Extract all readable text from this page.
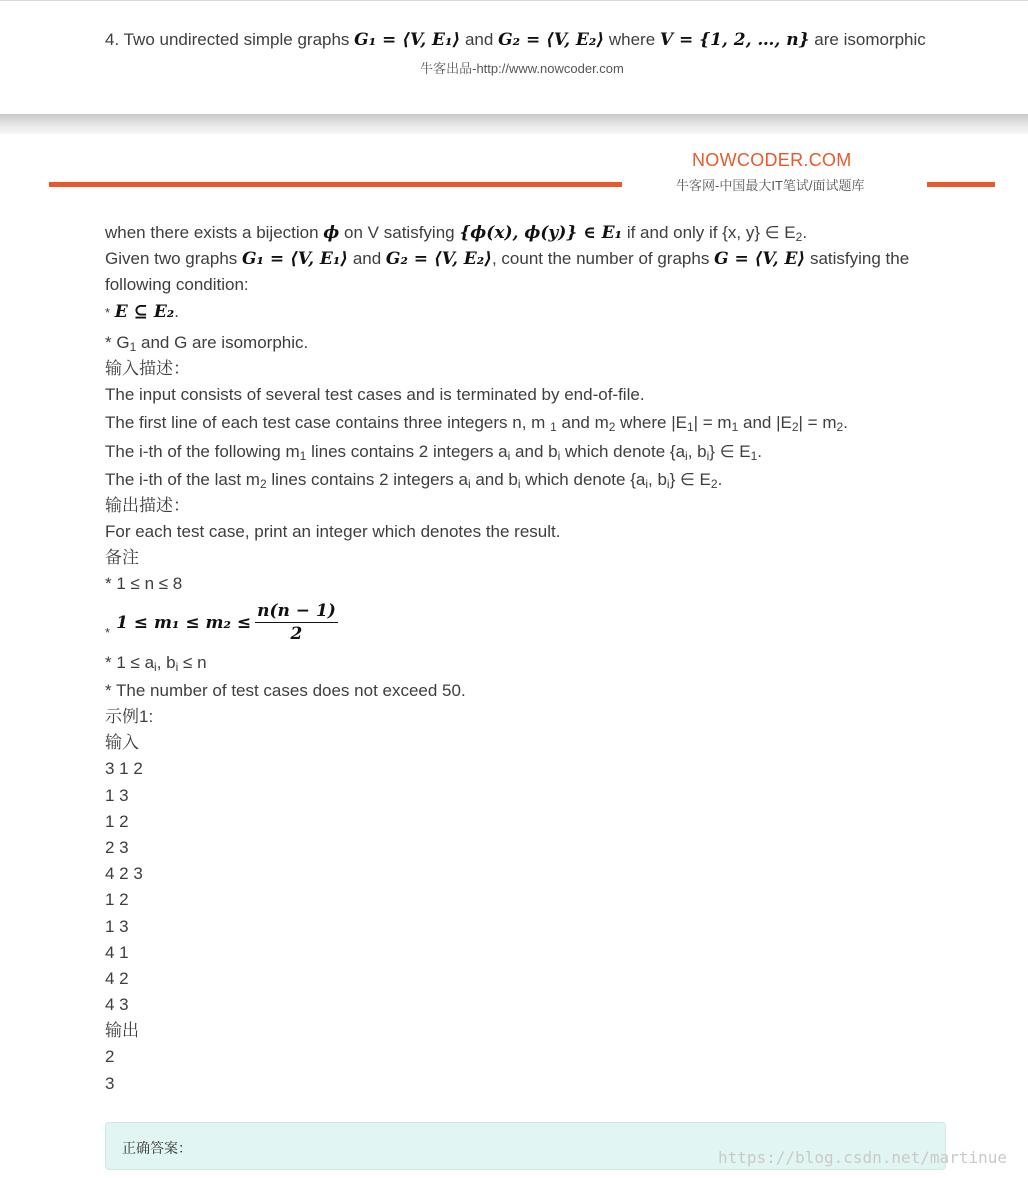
4. Two undirected simple graphs G₁ = ⟨V, E₁⟩ and G₂ = ⟨V, E₂⟩ where V = {1, 2, …, n} are isomorphic
牛客出品-http://www.nowcoder.com
NOWCODER.COM
牛客网-中国最大IT笔试/面试题库
when there exists a bijection ϕ on V satisfying {ϕ(x), ϕ(y)} ∈ E₁ if and only if {x, y} ∈ $E_2$.
Given two graphs G₁ = ⟨V, E₁⟩ and G₂ = ⟨V, E₂⟩, count the number of graphs G = ⟨V, E⟩ satisfying the
following condition:
* E ⊆ E₂.
* $G_1$ and G are isomorphic.
输入描述：
The input consists of several test cases and is terminated by end-of-file.
The first line of each test case contains three integers n, m $_1$ and $m_2$ where $|E_1| = m_1$ and $|E_2| = m_2$.
The i-th of the following $m_1$ lines contains 2 integers $a_i$ and $b_i$ which denote {$a_i$, $b_i$} ∈ $E_1$.
The i-th of the last $m_2$ lines contains 2 integers $a_i$ and $b_i$ which denote {$a_i$, $b_i$} ∈ $E_2$.
输出描述：
For each test case, print an integer which denotes the result.
备注
* 1 ≤ n ≤ 8
* $1 \le m_1 \le m_2 \le \frac{n(n - 1)}{2}$
* $1 \le a_i$, $b_i \le n$
* The number of test cases does not exceed 50.
示例1:
输入
3 1 2
1 3
1 2
2 3
4 2 3
1 2
1 3
4 1
4 2
4 3
输出
2
3
正确答案：	https://blog.csdn.net/martinue
